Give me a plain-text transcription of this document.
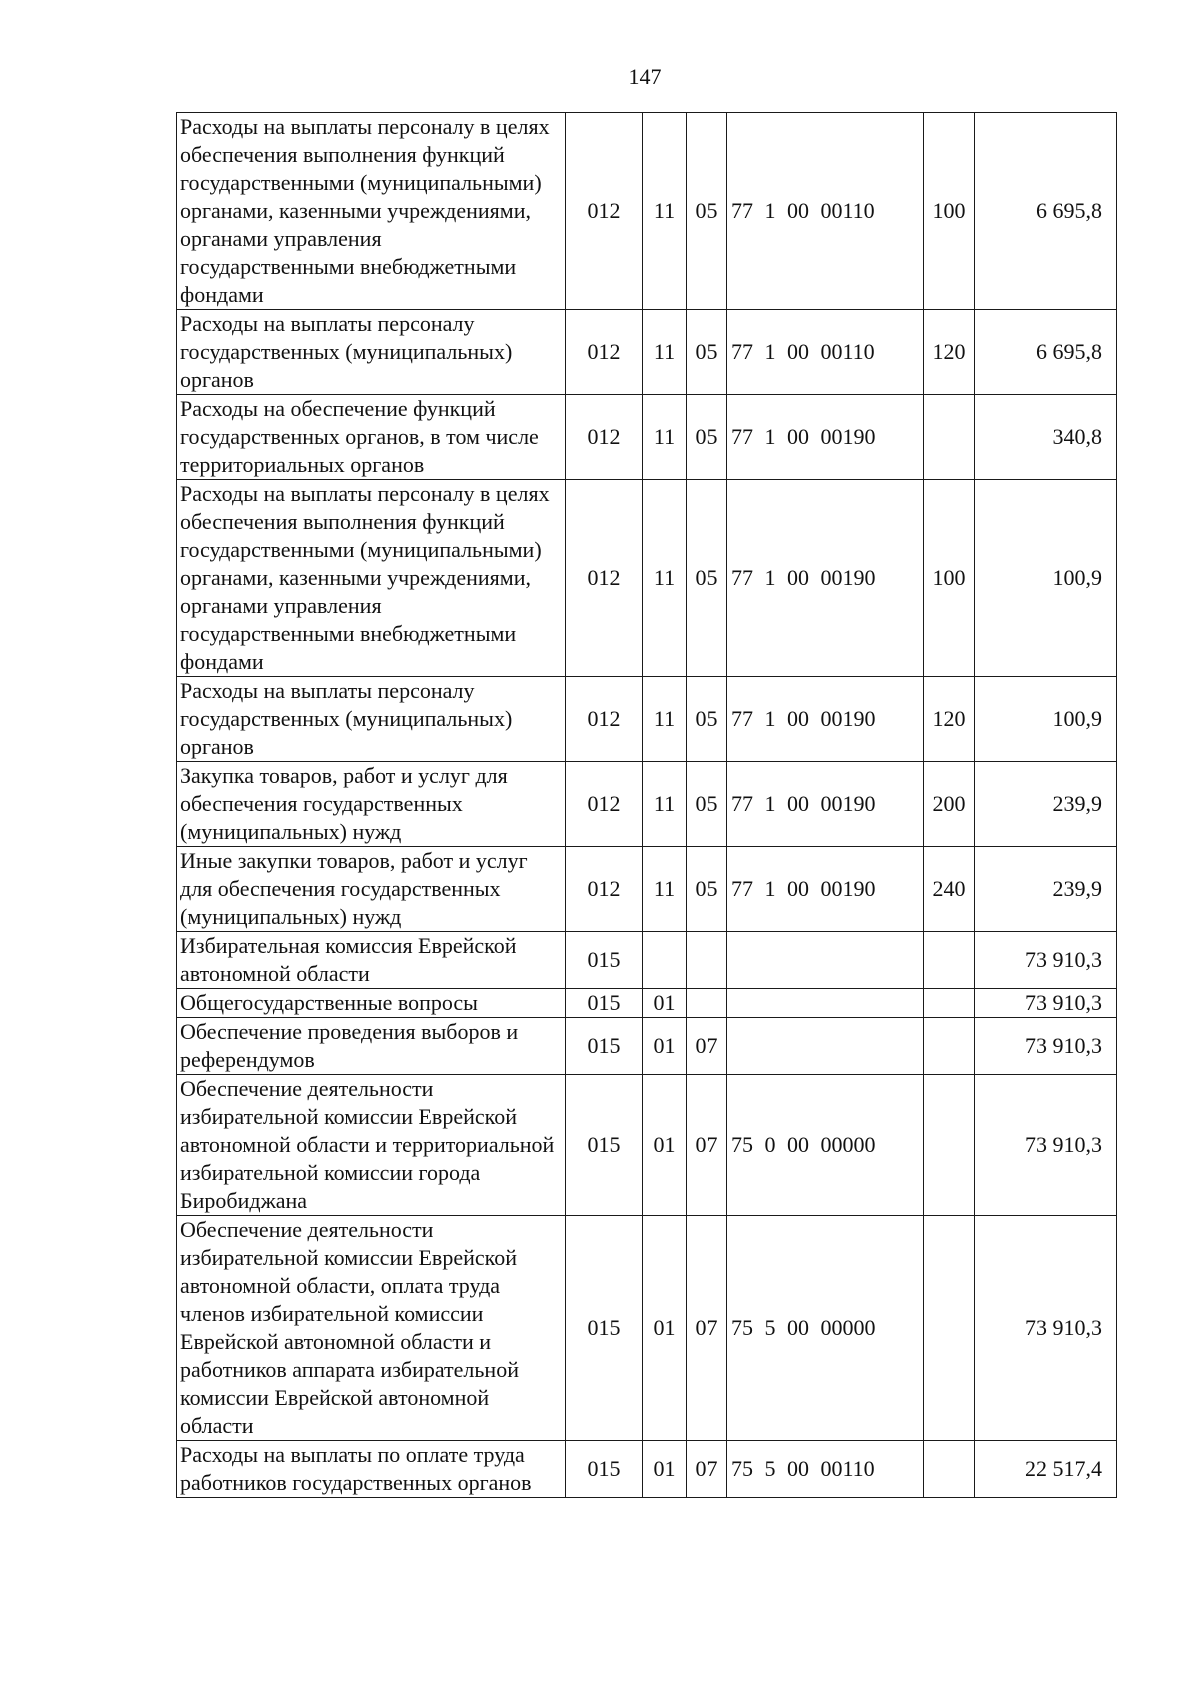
147
Расходы на выплаты персоналу в целях обеспечения выполнения функций государственными (муниципальными) органами, казенными учреждениями, органами управления государственными внебюджетными фондами	012	11	05	77 1 00 00110	100	6 695,8
Расходы на выплаты персоналу государственных (муниципальных) органов	012	11	05	77 1 00 00110	120	6 695,8
Расходы на обеспечение функций государственных органов, в том числе территориальных органов	012	11	05	77 1 00 00190		340,8
Расходы на выплаты персоналу в целях обеспечения выполнения функций государственными (муниципальными) органами, казенными учреждениями, органами управления государственными внебюджетными фондами	012	11	05	77 1 00 00190	100	100,9
Расходы на выплаты персоналу государственных (муниципальных) органов	012	11	05	77 1 00 00190	120	100,9
Закупка товаров, работ и услуг для обеспечения государственных (муниципальных) нужд	012	11	05	77 1 00 00190	200	239,9
Иные закупки товаров, работ и услуг для обеспечения государственных (муниципальных) нужд	012	11	05	77 1 00 00190	240	239,9
Избирательная комиссия Еврейской автономной области	015					73 910,3
Общегосударственные вопросы	015	01				73 910,3
Обеспечение проведения выборов и референдумов	015	01	07			73 910,3
Обеспечение деятельности избирательной комиссии Еврейской автономной области и территориальной избирательной комиссии города Биробиджана	015	01	07	75 0 00 00000		73 910,3
Обеспечение деятельности избирательной комиссии Еврейской автономной области, оплата труда членов избирательной комиссии Еврейской автономной области и работников аппарата избирательной комиссии Еврейской автономной области	015	01	07	75 5 00 00000		73 910,3
Расходы на выплаты по оплате труда работников государственных органов	015	01	07	75 5 00 00110		22 517,4
